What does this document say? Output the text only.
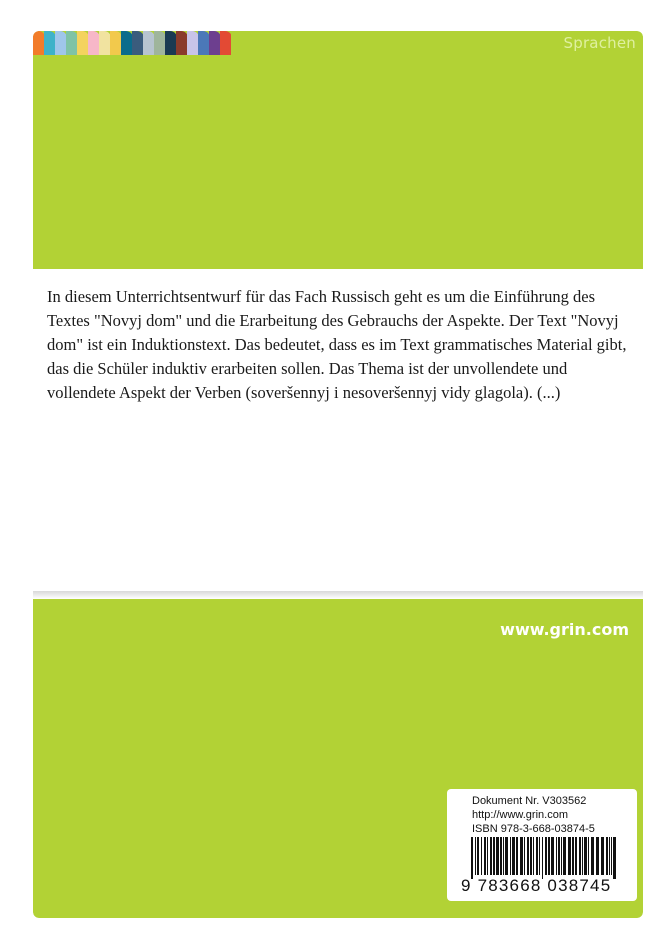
Sprachen

In diesem Unterrichtsentwurf für das Fach Russisch geht es um die Einführung des Textes "Novyj dom" und die Erarbeitung des Gebrauchs der Aspekte. Der Text "Novyj dom" ist ein Induktionstext. Das bedeutet, dass es im Text grammatisches Material gibt, das die Schüler induktiv erarbeiten sollen. Das Thema ist der unvollendete und vollendete Aspekt der Verben (soveršennyj i nesoveršennyj vidy glagola). (...)

www.grin.com
Dokument Nr. V303562
http://www.grin.com
ISBN 978-3-668-03874-5
9 783668 038745
